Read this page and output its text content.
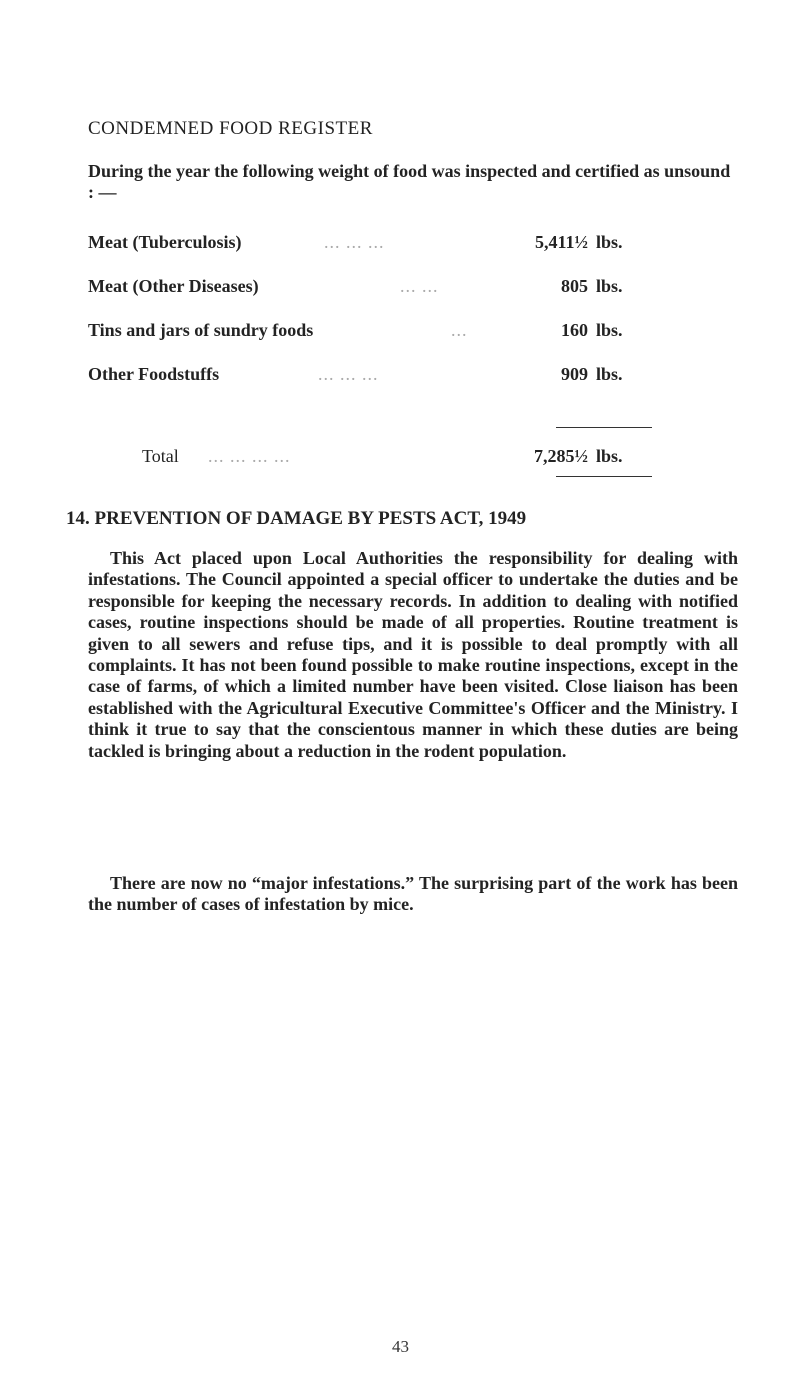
CONDEMNED FOOD REGISTER
During the year the following weight of food was inspected and certified as unsound : —
Meat (Tuberculosis)	... ... ...	5,411½ lbs.
Meat (Other Diseases)	... ...	805 lbs.
Tins and jars of sundry foods	...	160 lbs.
Other Foodstuffs	... ... ...	909 lbs.
Total ... ... ... ...	7,285½ lbs.
14. PREVENTION OF DAMAGE BY PESTS ACT, 1949

This Act placed upon Local Authorities the responsibility for dealing with infestations. The Council appointed a special officer to undertake the duties and be responsible for keeping the necessary records. In addition to dealing with notified cases, routine inspections should be made of all properties. Routine treatment is given to all sewers and refuse tips, and it is possible to deal promptly with all complaints. It has not been found possible to make routine inspections, except in the case of farms, of which a limited number have been visited. Close liaison has been established with the Agricultural Executive Committee's Officer and the Ministry. I think it true to say that the conscientous manner in which these duties are being tackled is bringing about a reduction in the rodent population.

There are now no “major infestations.” The surprising part of the work has been the number of cases of infestation by mice.

43
